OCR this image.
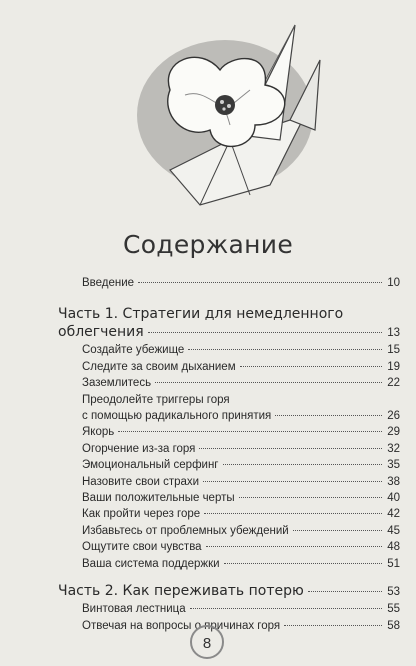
Содержание
Введение	10
Часть 1. Стратегии для немедленного
облегчения	13
Создайте убежище	15
Следите за своим дыханием	19
Заземлитесь	22
Преодолейте триггеры горя
с помощью радикального принятия	26
Якорь	29
Огорчение из-за горя	32
Эмоциональный серфинг	35
Назовите свои страхи	38
Ваши положительные черты	40
Как пройти через горе	42
Избавьтесь от проблемных убеждений	45
Ощутите свои чувства	48
Ваша система поддержки	51
Часть 2. Как переживать потерю	53
Винтовая лестница	55
Отвечая на вопросы о причинах горя	58
8
